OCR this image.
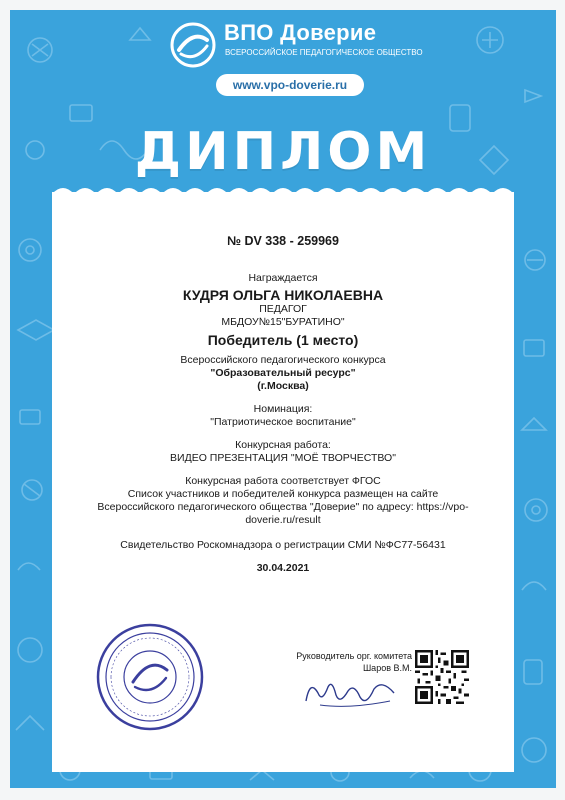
ВПО Доверие
ВСЕРОССИЙСКОЕ ПЕДАГОГИЧЕСКОЕ ОБЩЕСТВО
www.vpo-doverie.ru
ДИПЛОМ
№ DV 338 - 259969
Награждается
КУДРЯ ОЛЬГА НИКОЛАЕВНА
ПЕДАГОГ
МБДОУ№15"БУРАТИНО"
Победитель (1 место)
Всероссийского педагогического конкурса
"Образовательный ресурс"
(г.Москва)
Номинация:
"Патриотическое воспитание"
Конкурсная работа:
ВИДЕО ПРЕЗЕНТАЦИЯ "МОЁ ТВОРЧЕСТВО"
Конкурсная работа соответствует ФГОС
Список участников и победителей конкурса размещен на сайте
Всероссийского педагогического общества "Доверие" по адресу: https://vpo-
doverie.ru/result
Свидетельство Роскомнадзора о регистрации СМИ №ФС77-56431
30.04.2021
Руководитель орг. комитета
Шаров В.М.
